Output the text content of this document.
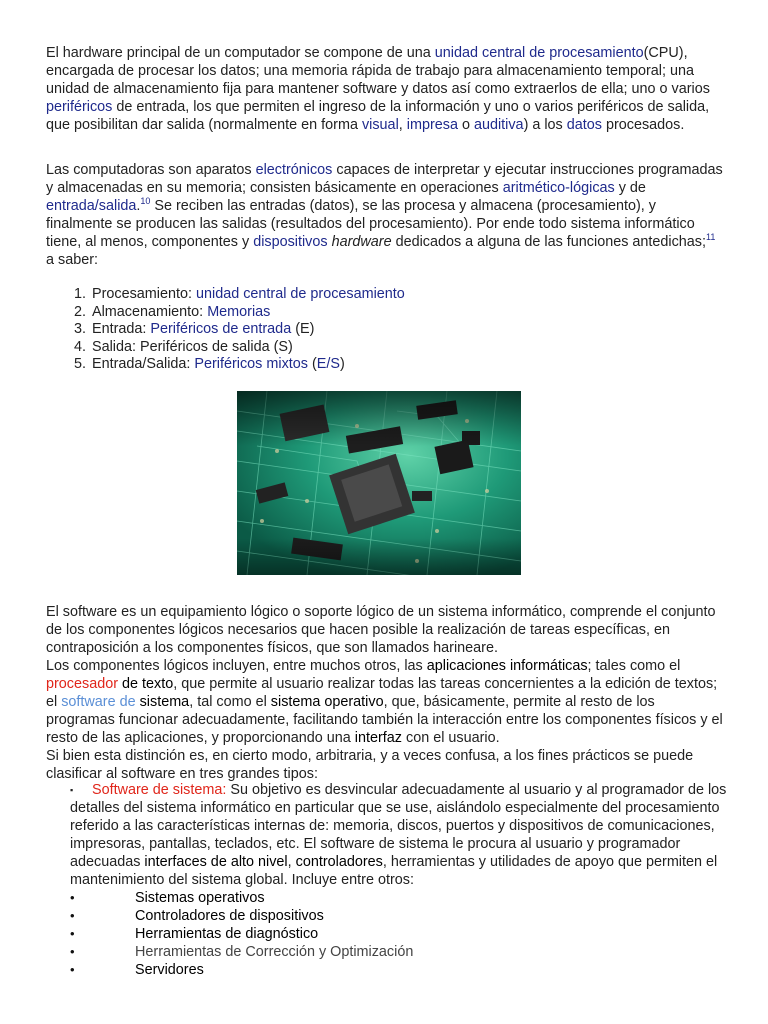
El hardware principal de un computador se compone de una unidad central de procesamiento(CPU), encargada de procesar los datos; una memoria rápida de trabajo para almacenamiento temporal; una unidad de almacenamiento fija para mantener software y datos así como extraerlos de ella; uno o varios periféricos de entrada, los que permiten el ingreso de la información y uno o varios periféricos de salida, que posibilitan dar salida (normalmente en forma visual, impresa o auditiva) a los datos procesados.

Las computadoras son aparatos electrónicos capaces de interpretar y ejecutar instrucciones programadas y almacenadas en su memoria; consisten básicamente en operaciones aritmético-lógicas y de entrada/salida.$^{10}$ Se reciben las entradas (datos), se las procesa y almacena (procesamiento), y finalmente se producen las salidas (resultados del procesamiento). Por ende todo sistema informático tiene, al menos, componentes y dispositivos hardware dedicados a alguna de las funciones antedichas;$^{11}$ a saber:

1. Procesamiento: unidad central de procesamiento
2. Almacenamiento: Memorias
3. Entrada: Periféricos de entrada (E)
4. Salida: Periféricos de salida (S)
5. Entrada/Salida: Periféricos mixtos (E/S)

El software es un equipamiento lógico o soporte lógico de un sistema informático, comprende el conjunto de los componentes lógicos necesarios que hacen posible la realización de tareas específicas, en contraposición a los componentes físicos, que son llamados harineare.

Los componentes lógicos incluyen, entre muchos otros, las aplicaciones informáticas; tales como el procesador de texto, que permite al usuario realizar todas las tareas concernientes a la edición de textos; el software de sistema, tal como el sistema operativo, que, básicamente, permite al resto de los programas funcionar adecuadamente, facilitando también la interacción entre los componentes físicos y el resto de las aplicaciones, y proporcionando una interfaz con el usuario.

Si bien esta distinción es, en cierto modo, arbitraria, y a veces confusa, a los fines prácticos se puede clasificar al software en tres grandes tipos:

▪	Software de sistema: Su objetivo es desvincular adecuadamente al usuario y al programador de los detalles del sistema informático en particular que se use, aislándolo especialmente del procesamiento referido a las características internas de: memoria, discos, puertos y dispositivos de comunicaciones, impresoras, pantallas, teclados, etc. El software de sistema le procura al usuario y programador adecuadas interfaces de alto nivel, controladores, herramientas y utilidades de apoyo que permiten el mantenimiento del sistema global. Incluye entre otros:
•	Sistemas operativos
•	Controladores de dispositivos
•	Herramientas de diagnóstico
•	Herramientas de Corrección y Optimización
•	Servidores
